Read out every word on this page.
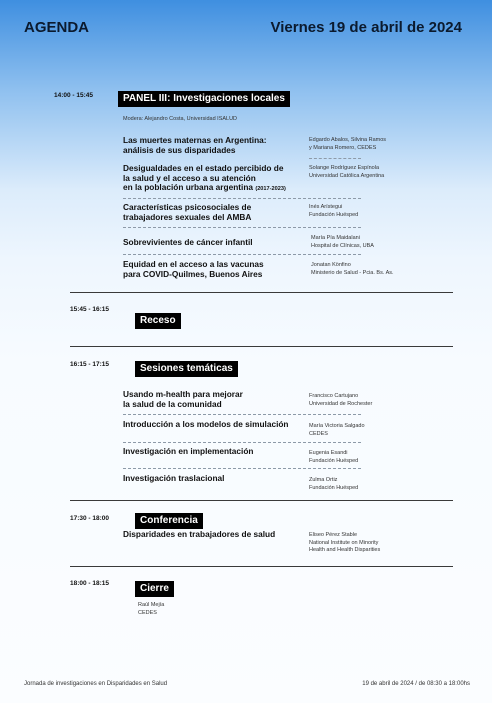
AGENDA	Viernes 19 de abril de 2024
14:00 - 15:45	PANEL III: Investigaciones locales
Modera: Alejandro Costa, Universidad ISALUD
Las muertes maternas en Argentina:
análisis de sus disparidades
Edgardo Abalos, Silvina Ramos
y Mariana Romero, CEDES
Desigualdades en el estado percibido de
la salud y el acceso a su atención
en la población urbana argentina (2017-2023)
Solange Rodríguez Espínola
Universidad Católica Argentina
Características psicosociales de
trabajadores sexuales del AMBA
Inés Arístegui
Fundación Huésped
Sobrevivientes de cáncer infantil	María Pía Maidalani
Hospital de Clínicas, UBA
Equidad en el acceso a las vacunas
para COVID-Quilmes, Buenos Aires
Jonatan Könfino
Ministerio de Salud - Pcia. Bs. As.
15:45 - 16:15
Receso
16:15 - 17:15	Sesiones temáticas
Usando m-health para mejorar
la salud de la comunidad
Francisco Cartujano
Universidad de Rochester
Introducción a los modelos de simulación	María Victoria Salgado
CEDES
Investigación en implementación	Eugenia Esandi
Fundación Huésped
Investigación traslacional	Zulma Ortiz
Fundación Huésped
17:30 - 18:00	Conferencia
Disparidades en trabajadores de salud	Eliseo Pérez Stable
National Institute on Minority
Health and Health Disparities
18:00 - 18:15	Cierre
Raúl Mejía
CEDES
Jornada de investigaciones en Disparidades en Salud	19 de abril de 2024 / de 08:30 a 18:00hs
